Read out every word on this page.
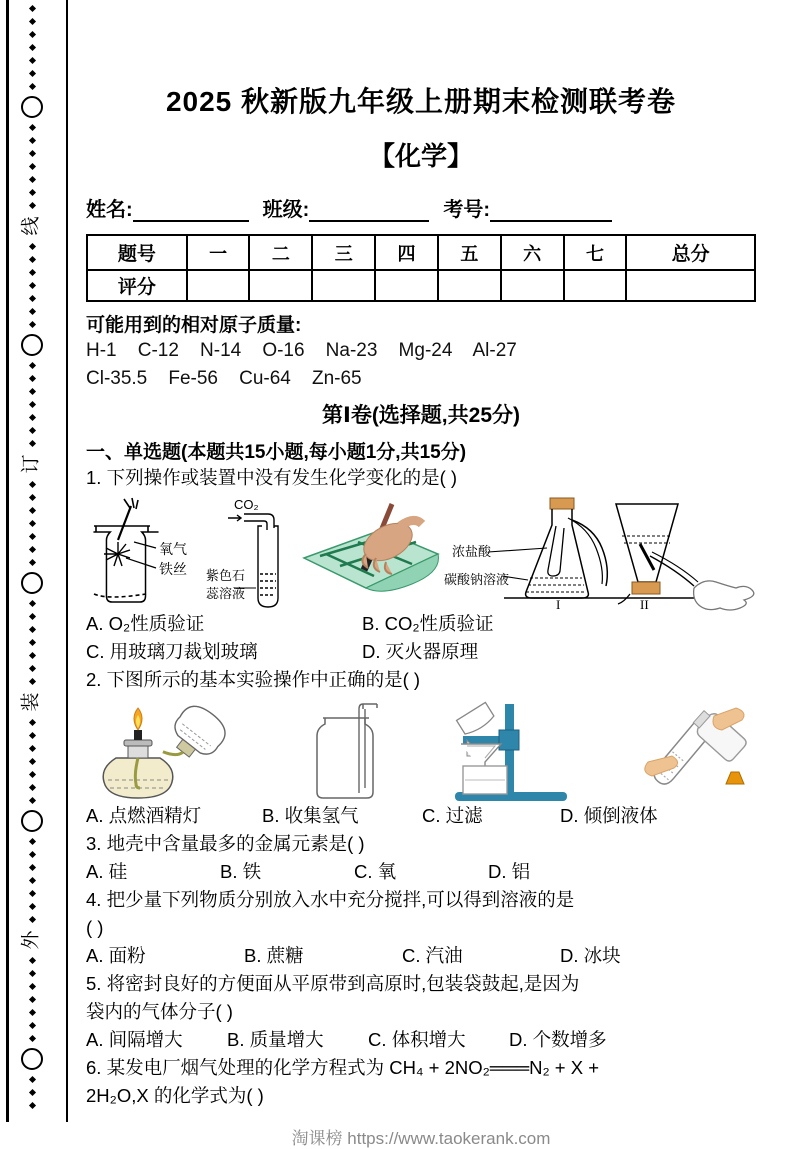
线
订
装
外
2025 秋新版九年级上册期末检测联考卷
【化学】
姓名:	班级:	考号:
题号	一	二	三	四	五	六	七	总分
评分								
可能用到的相对原子质量:
H-1    C-12    N-14    O-16    Na-23    Mg-24    Al-27
Cl-35.5    Fe-56    Cu-64    Zn-65
第Ⅰ卷(选择题,共25分)
一、单选题(本题共15小题,每小题1分,共15分)
1. 下列操作或装置中没有发生化学变化的是( )
氧气
铁丝
CO₂
紫色石
蕊溶液
浓盐酸
碳酸钠溶液
I	II
A. O₂性质验证	B. CO₂性质验证
C. 用玻璃刀裁划玻璃	D. 灭火器原理
2. 下图所示的基本实验操作中正确的是( )
A. 点燃酒精灯	B. 收集氢气	C. 过滤	D. 倾倒液体
3. 地壳中含量最多的金属元素是( )
A. 硅	B. 铁	C. 氧	D. 铝
4. 把少量下列物质分别放入水中充分搅拌,可以得到溶液的是
( )
A. 面粉	B. 蔗糖	C. 汽油	D. 冰块
5. 将密封良好的方便面从平原带到高原时,包装袋鼓起,是因为
袋内的气体分子( )
A. 间隔增大	B. 质量增大	C. 体积增大	D. 个数增多
6. 某发电厂烟气处理的化学方程式为 CH₄ + 2NO₂═══N₂ + X +
2H₂O,X 的化学式为( )
淘课榜 https://www.taokerank.com
